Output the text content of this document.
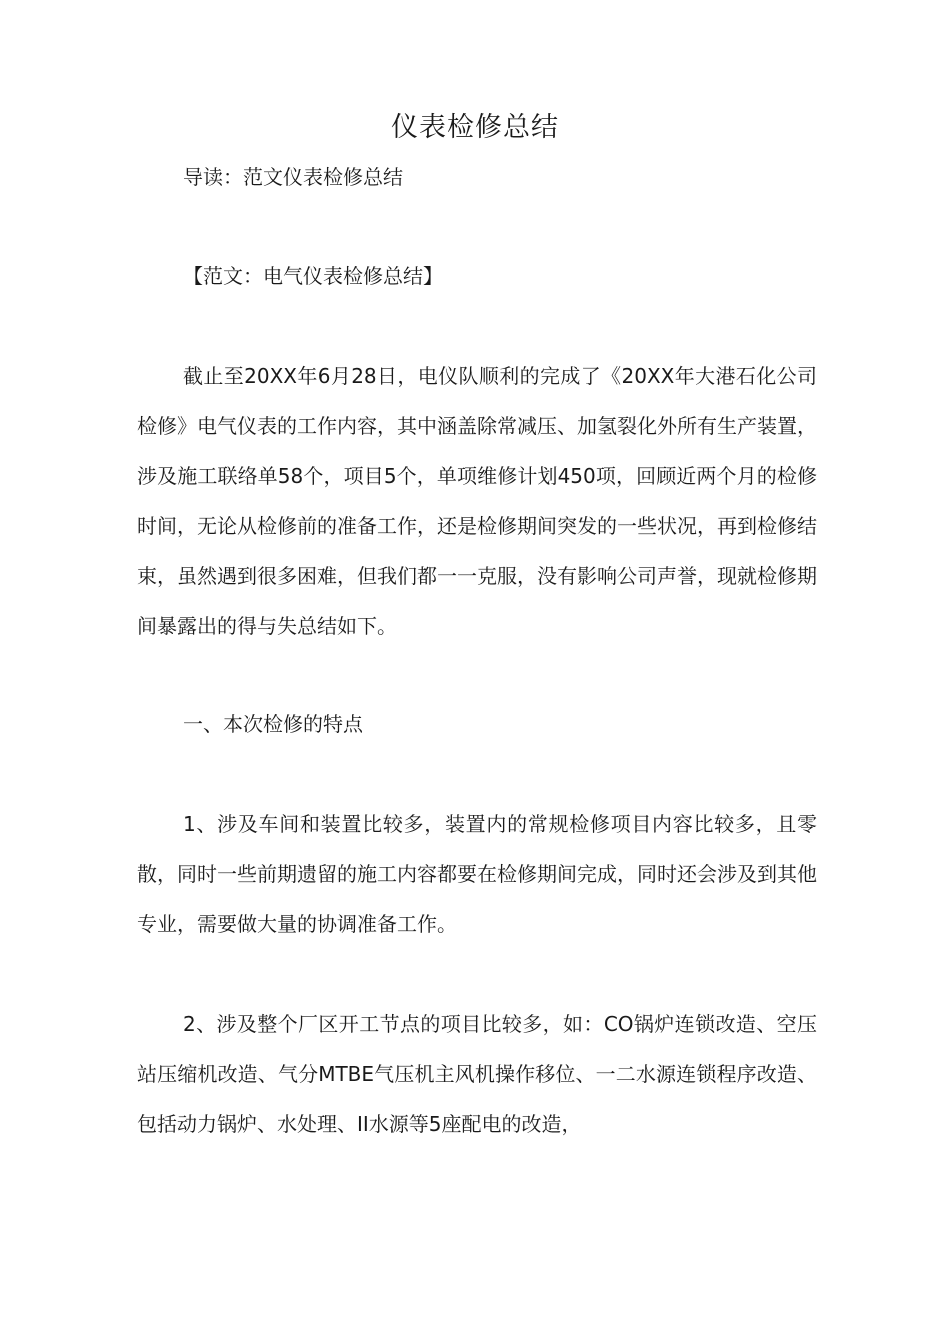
仪表检修总结

导读：范文仪表检修总结

【范文：电气仪表检修总结】

截止至20XX年6月28日，电仪队顺利的完成了《20XX年大港石化公司检修》电气仪表的工作内容，其中涵盖除常减压、加氢裂化外所有生产装置，涉及施工联络单58个，项目5个，单项维修计划450项，回顾近两个月的检修时间，无论从检修前的准备工作，还是检修期间突发的一些状况，再到检修结束，虽然遇到很多困难，但我们都一一克服，没有影响公司声誉，现就检修期间暴露出的得与失总结如下。

一、本次检修的特点

1、涉及车间和装置比较多，装置内的常规检修项目内容比较多，且零散，同时一些前期遗留的施工内容都要在检修期间完成，同时还会涉及到其他专业，需要做大量的协调准备工作。

2、涉及整个厂区开工节点的项目比较多，如：CO锅炉连锁改造、空压站压缩机改造、气分MTBE气压机主风机操作移位、一二水源连锁程序改造、包括动力锅炉、水处理、II水源等5座配电的改造，
